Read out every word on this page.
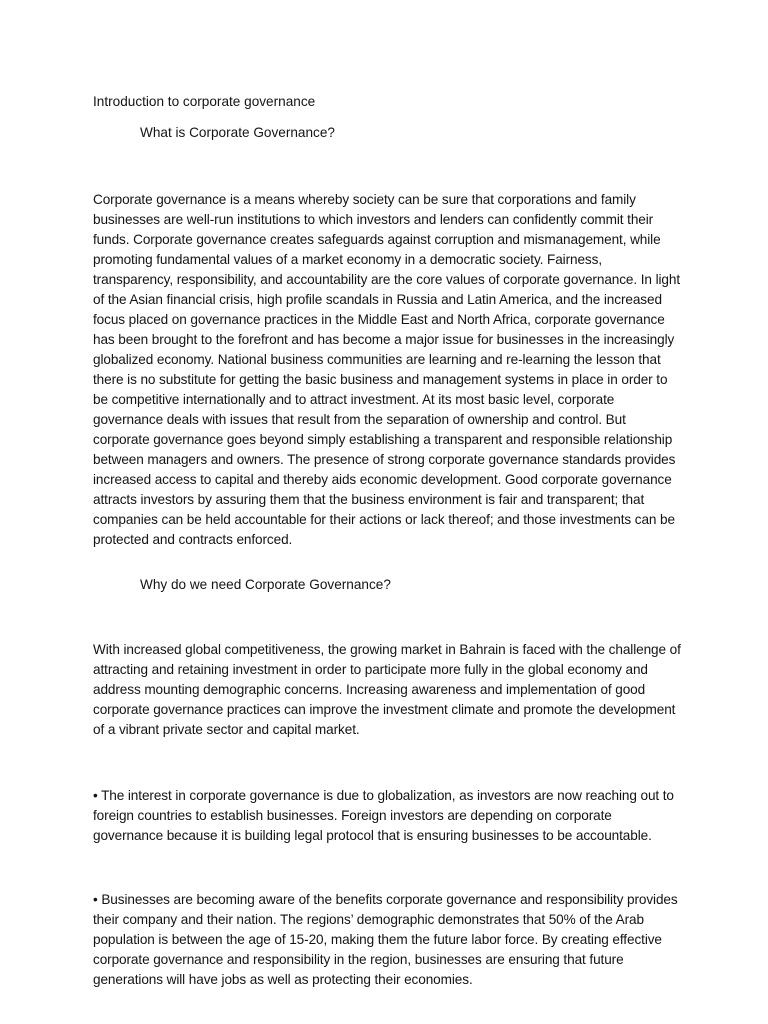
Introduction to corporate governance
What is Corporate Governance?

Corporate governance is a means whereby society can be sure that corporations and family businesses are well-run institutions to which investors and lenders can confidently commit their funds. Corporate governance creates safeguards against corruption and mismanagement, while promoting fundamental values of a market economy in a democratic society. Fairness, transparency, responsibility, and accountability are the core values of corporate governance. In light of the Asian financial crisis, high profile scandals in Russia and Latin America, and the increased focus placed on governance practices in the Middle East and North Africa, corporate governance has been brought to the forefront and has become a major issue for businesses in the increasingly globalized economy. National business communities are learning and re-learning the lesson that there is no substitute for getting the basic business and management systems in place in order to be competitive internationally and to attract investment. At its most basic level, corporate governance deals with issues that result from the separation of ownership and control. But corporate governance goes beyond simply establishing a transparent and responsible relationship between managers and owners. The presence of strong corporate governance standards provides increased access to capital and thereby aids economic development. Good corporate governance attracts investors by assuring them that the business environment is fair and transparent; that companies can be held accountable for their actions or lack thereof; and those investments can be protected and contracts enforced.

Why do we need Corporate Governance?

With increased global competitiveness, the growing market in Bahrain is faced with the challenge of attracting and retaining investment in order to participate more fully in the global economy and address mounting demographic concerns. Increasing awareness and implementation of good corporate governance practices can improve the investment climate and promote the development of a vibrant private sector and capital market.

• The interest in corporate governance is due to globalization, as investors are now reaching out to foreign countries to establish businesses. Foreign investors are depending on corporate governance because it is building legal protocol that is ensuring businesses to be accountable.

• Businesses are becoming aware of the benefits corporate governance and responsibility provides their company and their nation. The regions’ demographic demonstrates that 50% of the Arab population is between the age of 15-20, making them the future labor force. By creating effective corporate governance and responsibility in the region, businesses are ensuring that future generations will have jobs as well as protecting their economies.
